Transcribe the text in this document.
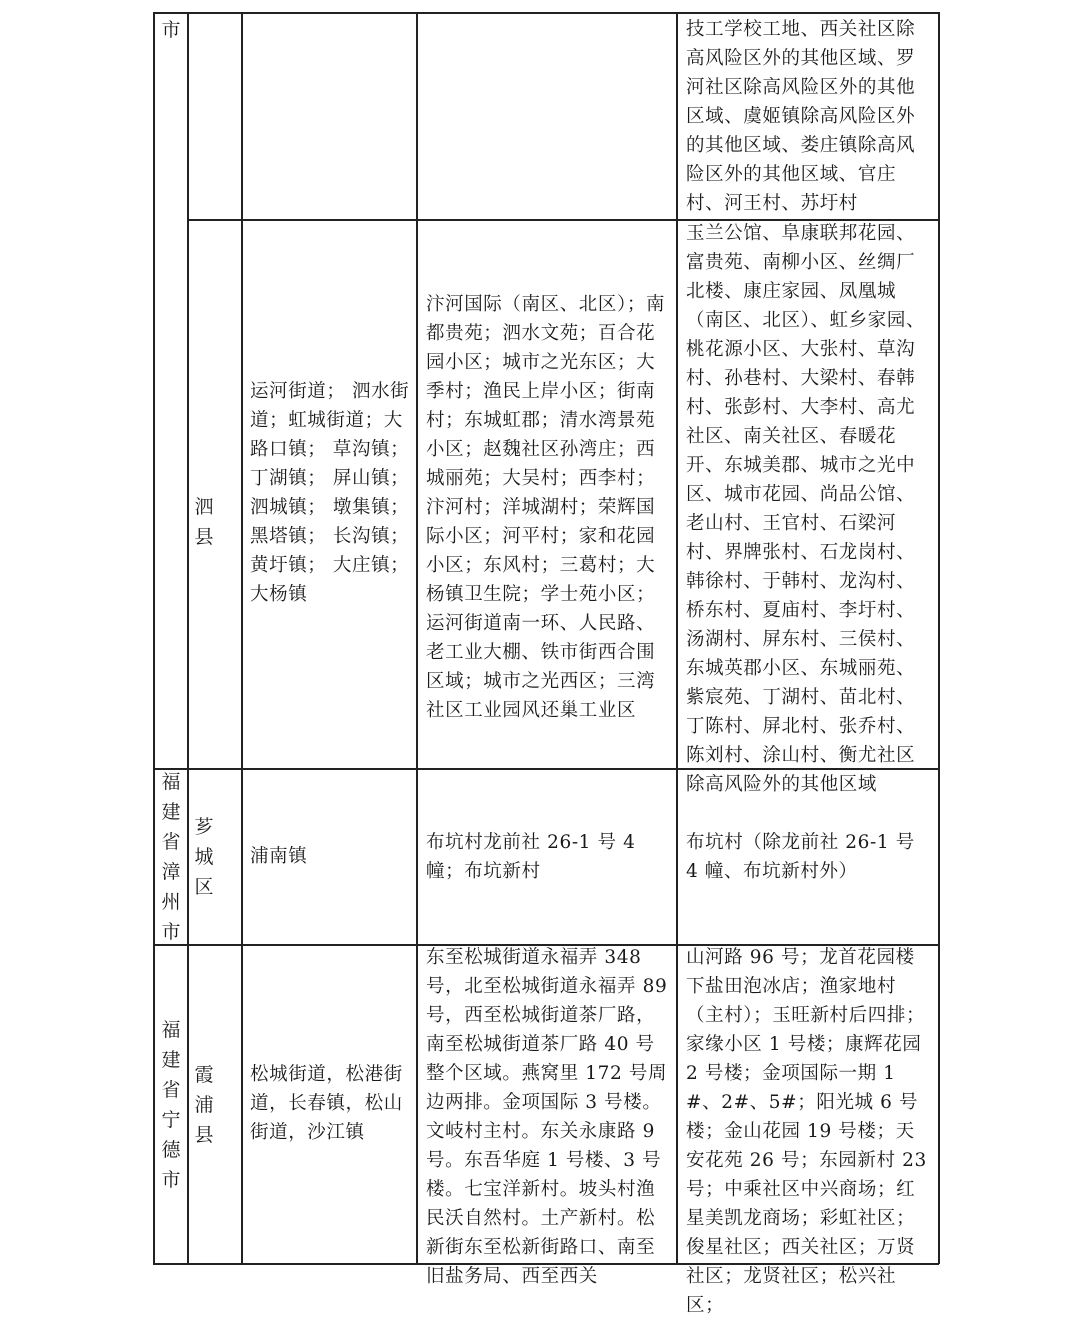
市	技工学校工地、西关社区除高风险区外的其他区域、罗河社区除高风险区外的其他区域、虞姬镇除高风险区外的其他区域、娄庄镇除高风险区外的其他区域、官庄村、河王村、苏圩村
泗县
运河街道； 泗水街道；虹城街道；大路口镇； 草沟镇；丁湖镇； 屏山镇；泗城镇； 墩集镇；黑塔镇； 长沟镇；黄圩镇； 大庄镇；大杨镇
汴河国际（南区、北区）；南都贵苑；泗水文苑；百合花园小区；城市之光东区；大季村；渔民上岸小区；街南村；东城虹郡；清水湾景苑小区；赵魏社区孙湾庄；西城丽苑；大吴村；西李村；汴河村；洋城湖村；荣辉国际小区；河平村；家和花园小区；东风村；三葛村；大杨镇卫生院；学士苑小区；运河街道南一环、人民路、老工业大棚、铁市街西合围区域；城市之光西区；三湾社区工业园风还巢工业区
玉兰公馆、阜康联邦花园、富贵苑、南柳小区、丝绸厂北楼、康庄家园、凤凰城（南区、北区）、虹乡家园、桃花源小区、大张村、草沟村、孙巷村、大梁村、春韩村、张彭村、大李村、高尤社区、南关社区、春暖花开、东城美郡、城市之光中区、城市花园、尚品公馆、老山村、王官村、石梁河村、界牌张村、石龙岗村、韩徐村、于韩村、龙沟村、桥东村、夏庙村、李圩村、汤湖村、屏东村、三侯村、东城英郡小区、东城丽苑、紫宸苑、丁湖村、苗北村、丁陈村、屏北村、张乔村、陈刘村、涂山村、衡尤社区除高风险外的其他区域
福建省漳州市
芗城区
浦南镇
布坑村龙前社 26-1 号 4 幢；布坑新村
布坑村（除龙前社 26-1 号 4 幢、布坑新村外）
福建省宁德市
霞浦县
松城街道，松港街道，长春镇，松山街道，沙江镇
东至松城街道永福弄 348 号，北至松城街道永福弄 89 号，西至松城街道茶厂路，南至松城街道茶厂路 40 号整个区域。燕窝里 172 号周边两排。金项国际 3 号楼。文岐村主村。东关永康路 9 号。东吾华庭 1 号楼、3 号楼。七宝洋新村。坡头村渔民沃自然村。土产新村。松新街东至松新街路口、南至旧盐务局、西至西关
山河路 96 号；龙首花园楼下盐田泡冰店；渔家地村（主村）；玉旺新村后四排；家缘小区 1 号楼；康辉花园 2 号楼；金项国际一期 1#、2#、5#；阳光城 6 号楼；金山花园 19 号楼；天安花苑 26 号；东园新村 23 号；中乘社区中兴商场；红星美凯龙商场；彩虹社区；俊星社区；西关社区；万贤社区；龙贤社区；松兴社区；
